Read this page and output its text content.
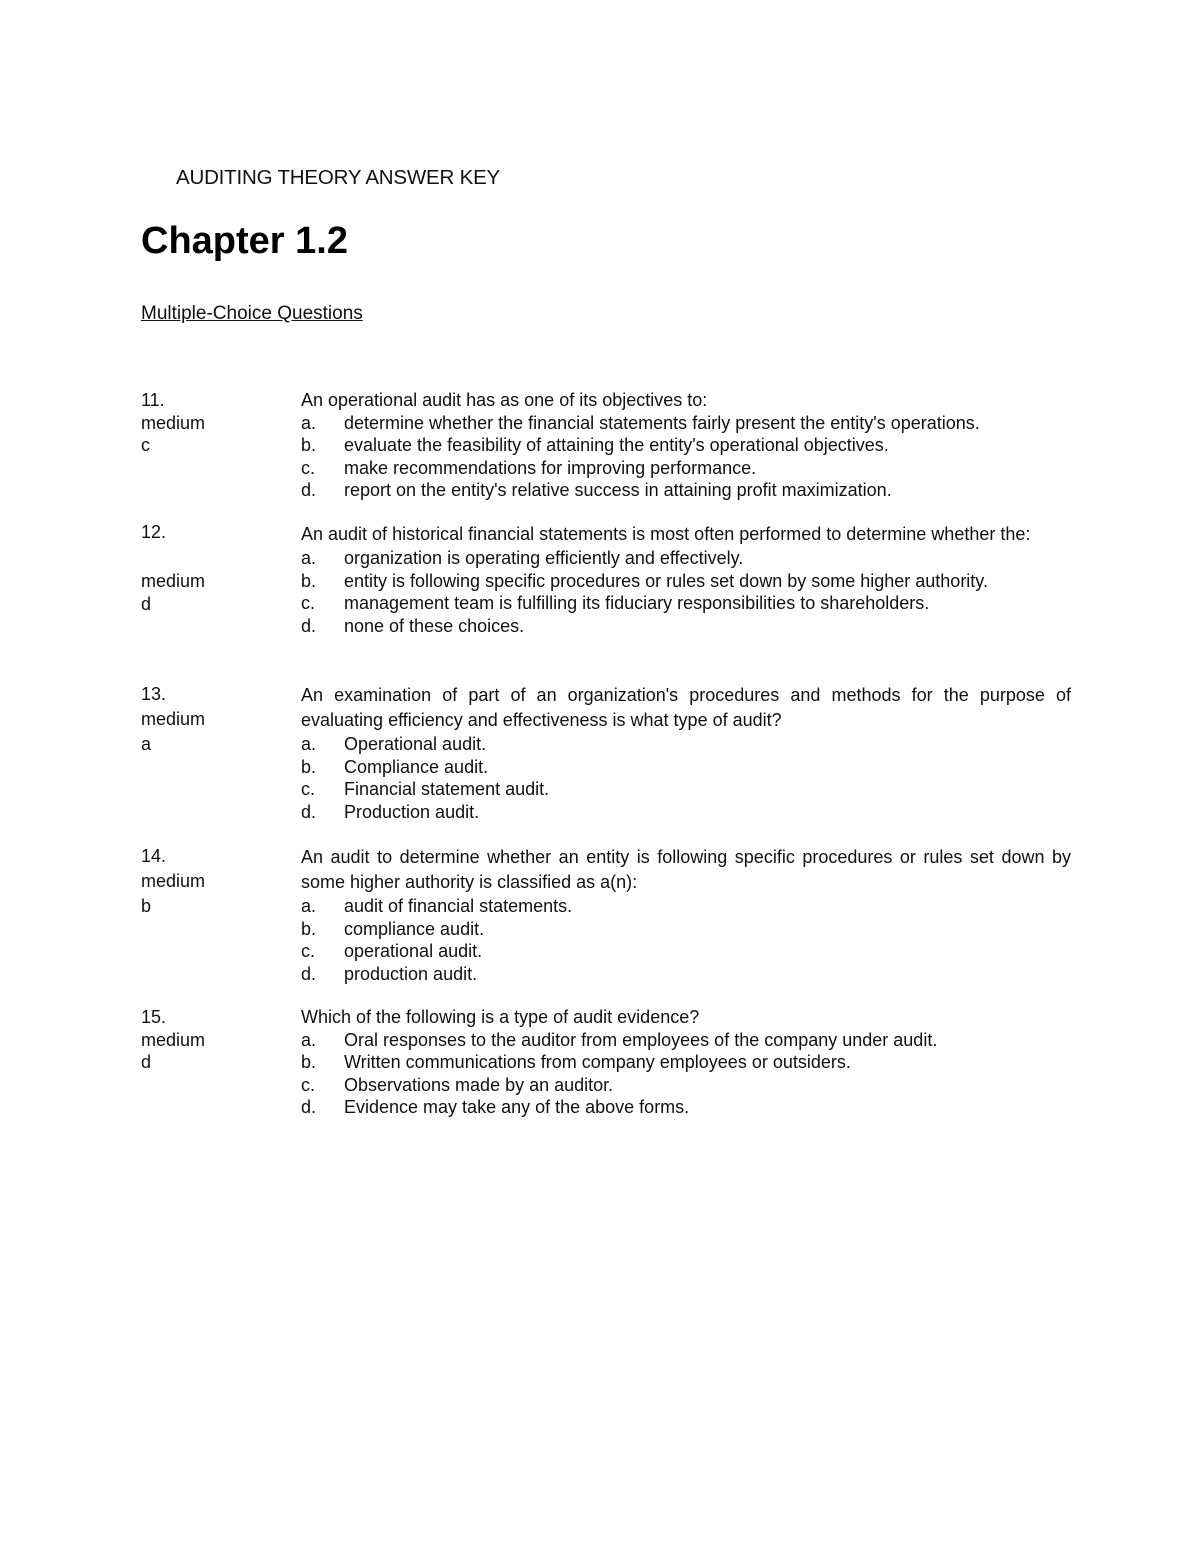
AUDITING THEORY ANSWER KEY
Chapter 1.2
Multiple-Choice Questions
11.
medium
c
An operational audit has as one of its objectives to:
a.	determine whether the financial statements fairly present the entity's operations.
b.	evaluate the feasibility of attaining the entity's operational objectives.
c.	make recommendations for improving performance.
d.	report on the entity's relative success in attaining profit maximization.
12.
medium
d
An audit of historical financial statements is most often performed to determine whether the:
a.	organization is operating efficiently and effectively.
b.	entity is following specific procedures or rules set down by some higher authority.
c.	management team is fulfilling its fiduciary responsibilities to shareholders.
d.	none of these choices.
13.
medium
a
An examination of part of an organization's procedures and methods for the purpose of evaluating efficiency and effectiveness is what type of audit?
a.	Operational audit.
b.	Compliance audit.
c.	Financial statement audit.
d.	Production audit.
14.
medium
b
An audit to determine whether an entity is following specific procedures or rules set down by some higher authority is classified as a(n):
a.	audit of financial statements.
b.	compliance audit.
c.	operational audit.
d.	production audit.
15.
medium
d
Which of the following is a type of audit evidence?
a.	Oral responses to the auditor from employees of the company under audit.
b.	Written communications from company employees or outsiders.
c.	Observations made by an auditor.
d.	Evidence may take any of the above forms.
